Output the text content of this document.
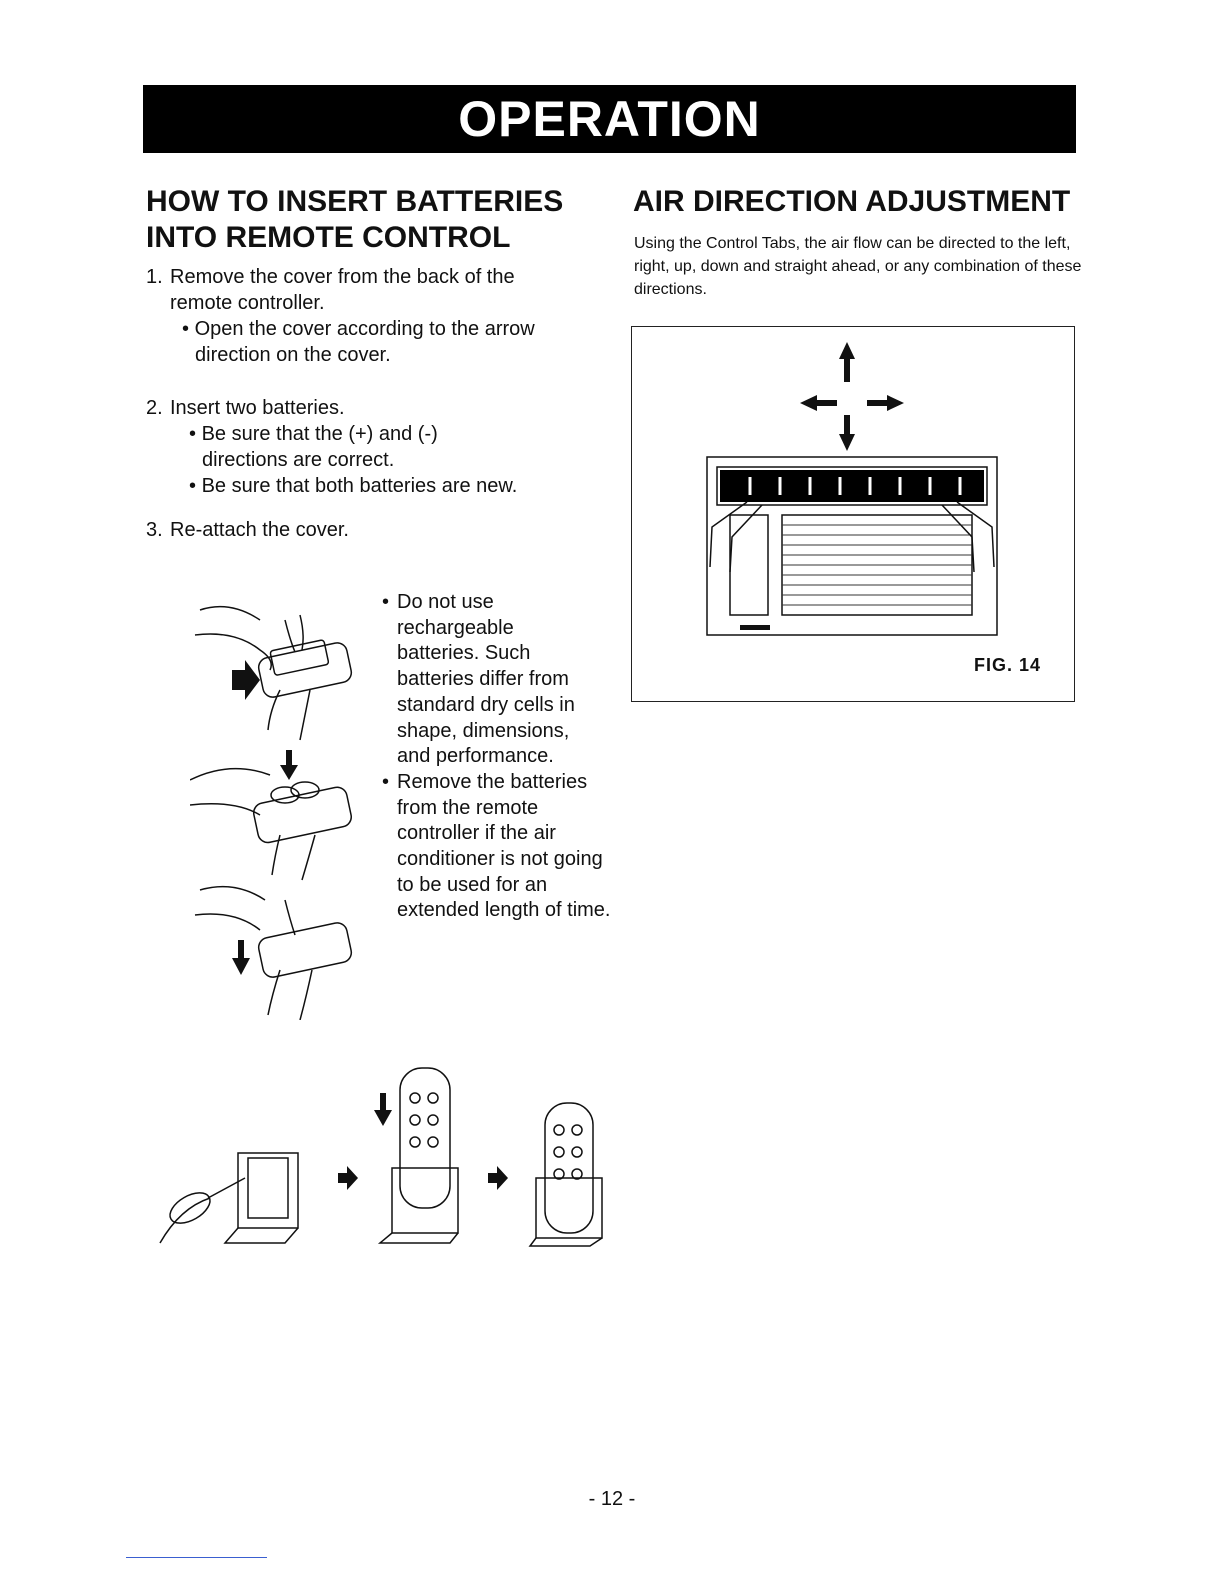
OPERATION
HOW TO INSERT BATTERIES
INTO REMOTE CONTROL
1. Remove the cover from the back of the remote controller.
• Open the cover according to the arrow direction on the cover.
2. Insert two batteries.
• Be sure that the (+) and (-) directions are correct.
• Be sure that both batteries are new.
3. Re-attach the cover.

• Do not use rechargeable batteries. Such batteries differ from standard dry cells in shape, dimensions, and performance.

• Remove the batteries from the remote controller if the air conditioner is not going to be used for an extended length of time.

AIR DIRECTION ADJUSTMENT
Using the Control Tabs, the air flow can be directed to the left, right, up, down and straight ahead, or any combination of these directions.
FIG. 14
- 12 -
